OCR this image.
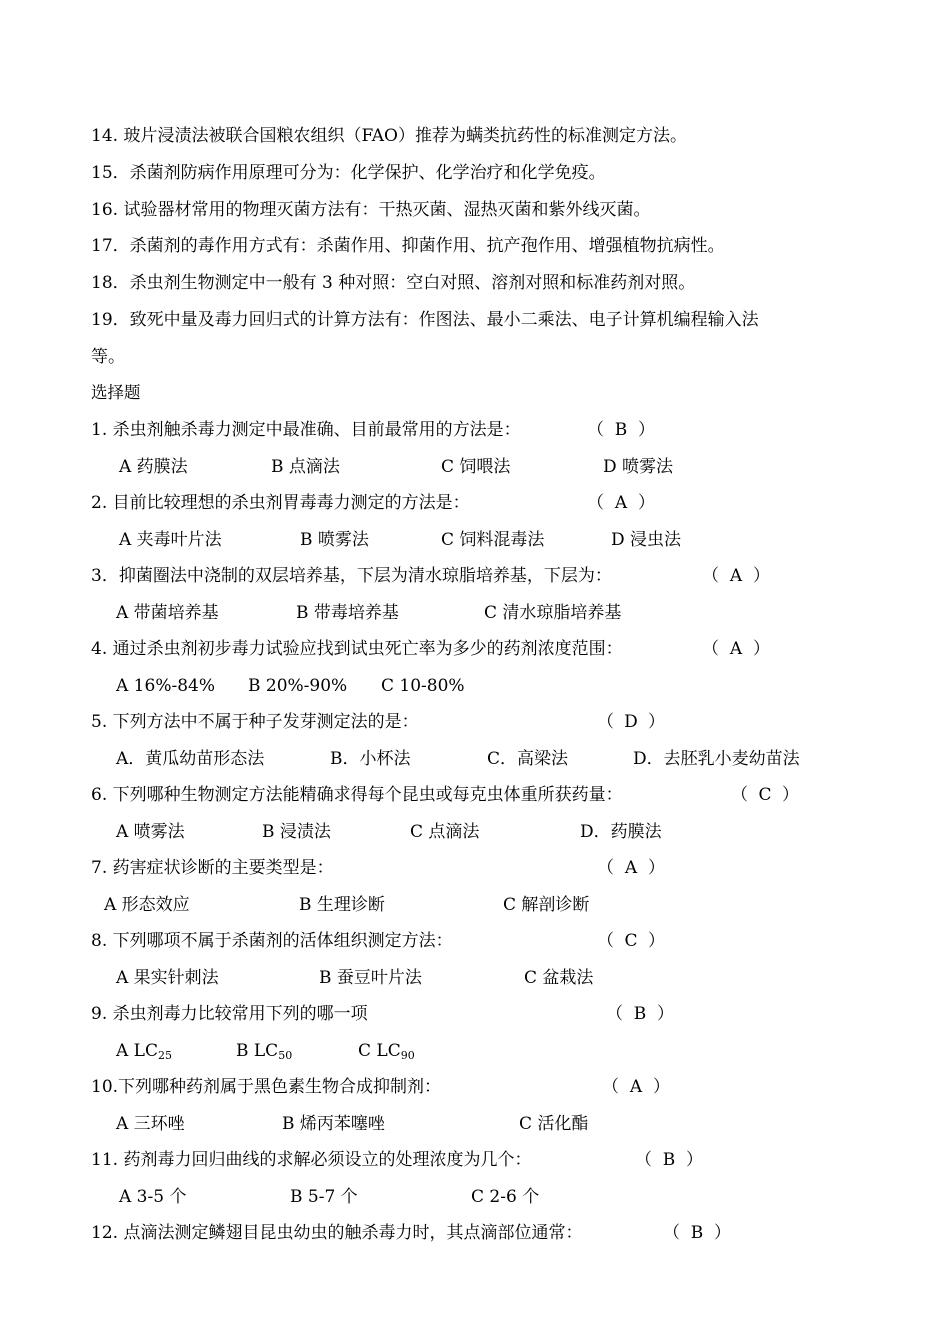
14. 玻片浸渍法被联合国粮农组织（FAO）推荐为螨类抗药性的标准测定方法。
15．杀菌剂防病作用原理可分为：化学保护、化学治疗和化学免疫。
16. 试验器材常用的物理灭菌方法有：干热灭菌、湿热灭菌和紫外线灭菌。
17．杀菌剂的毒作用方式有：杀菌作用、抑菌作用、抗产孢作用、增强植物抗病性。
18．杀虫剂生物测定中一般有 3 种对照：空白对照、溶剂对照和标准药剂对照。
19．致死中量及毒力回归式的计算方法有：作图法、最小二乘法、电子计算机编程输入法
等。
选择题
1. 杀虫剂触杀毒力测定中最准确、目前最常用的方法是：	（ B ）
A 药膜法	B 点滴法	C 饲喂法	D 喷雾法
2. 目前比较理想的杀虫剂胃毒毒力测定的方法是：	（ A ）
A 夹毒叶片法	B 喷雾法	C 饲料混毒法	D 浸虫法
3．抑菌圈法中浇制的双层培养基，下层为清水琼脂培养基，下层为：	（ A ）
A 带菌培养基	B 带毒培养基	C 清水琼脂培养基
4. 通过杀虫剂初步毒力试验应找到试虫死亡率为多少的药剂浓度范围：	（ A ）
A 16%-84% B 20%-90% C 10-80%
5. 下列方法中不属于种子发芽测定法的是：	（ D ）
A．黄瓜幼苗形态法	B．小杯法	C．高梁法	D．去胚乳小麦幼苗法
6. 下列哪种生物测定方法能精确求得每个昆虫或每克虫体重所获药量：	（ C ）
A 喷雾法	B 浸渍法	C 点滴法	D．药膜法
7. 药害症状诊断的主要类型是：	（ A ）
A 形态效应	B 生理诊断	C 解剖诊断
8. 下列哪项不属于杀菌剂的活体组织测定方法：	（ C ）
A 果实针刺法	B 蚕豆叶片法	C 盆栽法
9. 杀虫剂毒力比较常用下列的哪一项	（ B ）
A $LC_{25}$	B $LC_{50}$	C $LC_{90}$
10.下列哪种药剂属于黑色素生物合成抑制剂：	（ A ）
A 三环唑	B 烯丙苯噻唑	C 活化酯
11. 药剂毒力回归曲线的求解必须设立的处理浓度为几个：	（ B ）
A 3-5 个	B 5-7 个	C 2-6 个
12. 点滴法测定鳞翅目昆虫幼虫的触杀毒力时，其点滴部位通常：	（ B ）
